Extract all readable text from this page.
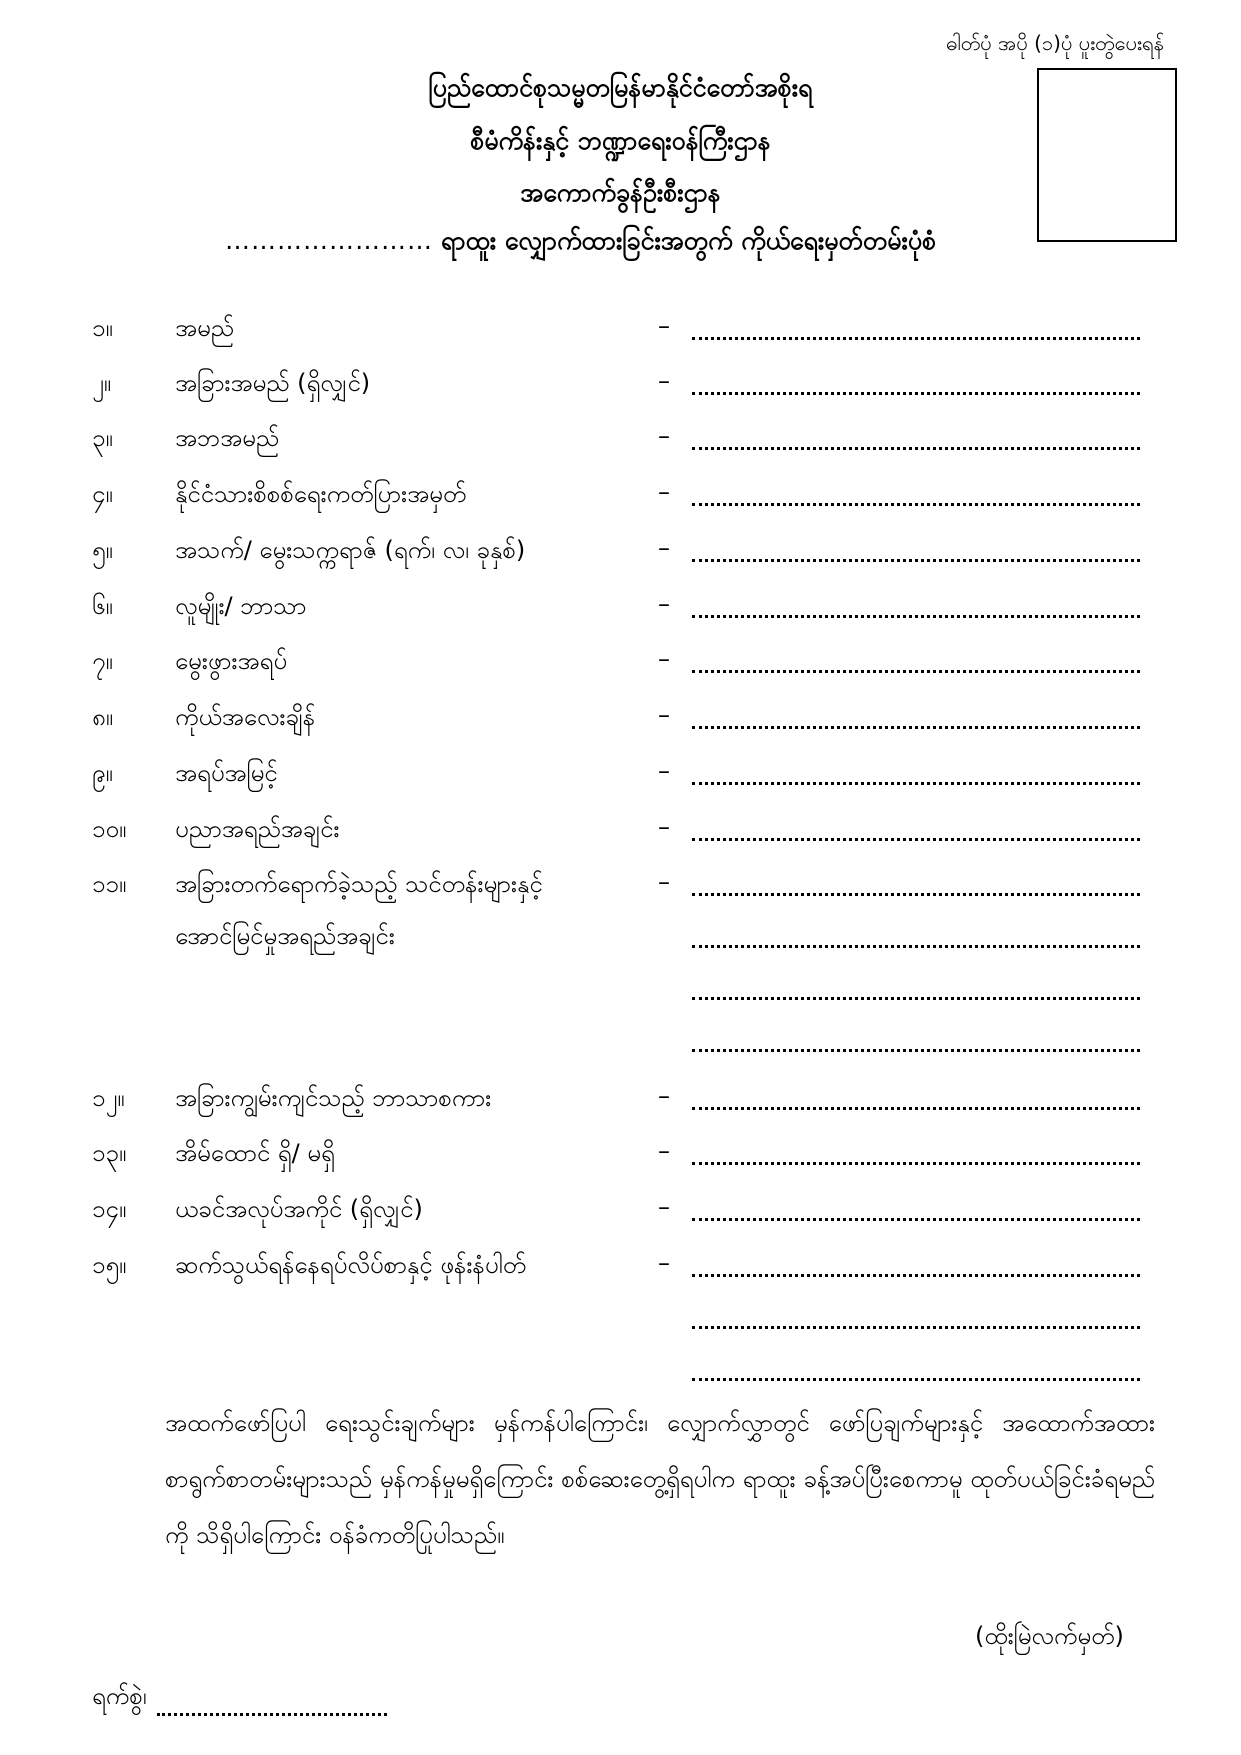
ဓါတ်ပုံ အပို (၁)ပုံ ပူးတွဲပေးရန်
ပြည်ထောင်စုသမ္မတမြန်မာနိုင်ငံတော်အစိုးရ
စီမံကိန်းနှင့် ဘဏ္ဍာရေးဝန်ကြီးဌာန
အကောက်ခွန်ဦးစီးဌာန
…………………… ရာထူး လျှောက်ထားခြင်းအတွက် ကိုယ်ရေးမှတ်တမ်းပုံစံ
၁။	အမည်	–
၂။	အခြားအမည် (ရှိလျှင်)	–
၃။	အဘအမည်	–
၄။	နိုင်ငံသားစိစစ်ရေးကတ်ပြားအမှတ်	–
၅။	အသက်/ မွေးသက္ကရာဇ် (ရက်၊ လ၊ ခုနှစ်)	–
၆။	လူမျိုး/ ဘာသာ	–
၇။	မွေးဖွားအရပ်	–
၈။	ကိုယ်အလေးချိန်	–
၉။	အရပ်အမြင့်	–
၁၀။ ပညာအရည်အချင်း	–
၁၁။ အခြားတက်ရောက်ခဲ့သည့် သင်တန်းများနှင့်
အောင်မြင်မှုအရည်အချင်း
–
၁၂။ အခြားကျွမ်းကျင်သည့် ဘာသာစကား	–
၁၃။ အိမ်ထောင် ရှိ/ မရှိ	–
၁၄။ ယခင်အလုပ်အကိုင် (ရှိလျှင်)	–
၁၅။ ဆက်သွယ်ရန်နေရပ်လိပ်စာနှင့် ဖုန်းနံပါတ်	–
အထက်ဖော်ပြပါ ရေးသွင်းချက်များ မှန်ကန်ပါကြောင်း၊ လျှောက်လွှာတွင် ဖော်ပြချက်များနှင့် အထောက်အထားစာရွက်စာတမ်းများသည် မှန်ကန်မှုမရှိကြောင်း စစ်ဆေးတွေ့ရှိရပါက ရာထူး ခန့်အပ်ပြီးစေကာမူ ထုတ်ပယ်ခြင်းခံရမည်ကို သိရှိပါကြောင်း ဝန်ခံကတိပြုပါသည်။
(ထိုးမြဲလက်မှတ်)
ရက်စွဲ၊
